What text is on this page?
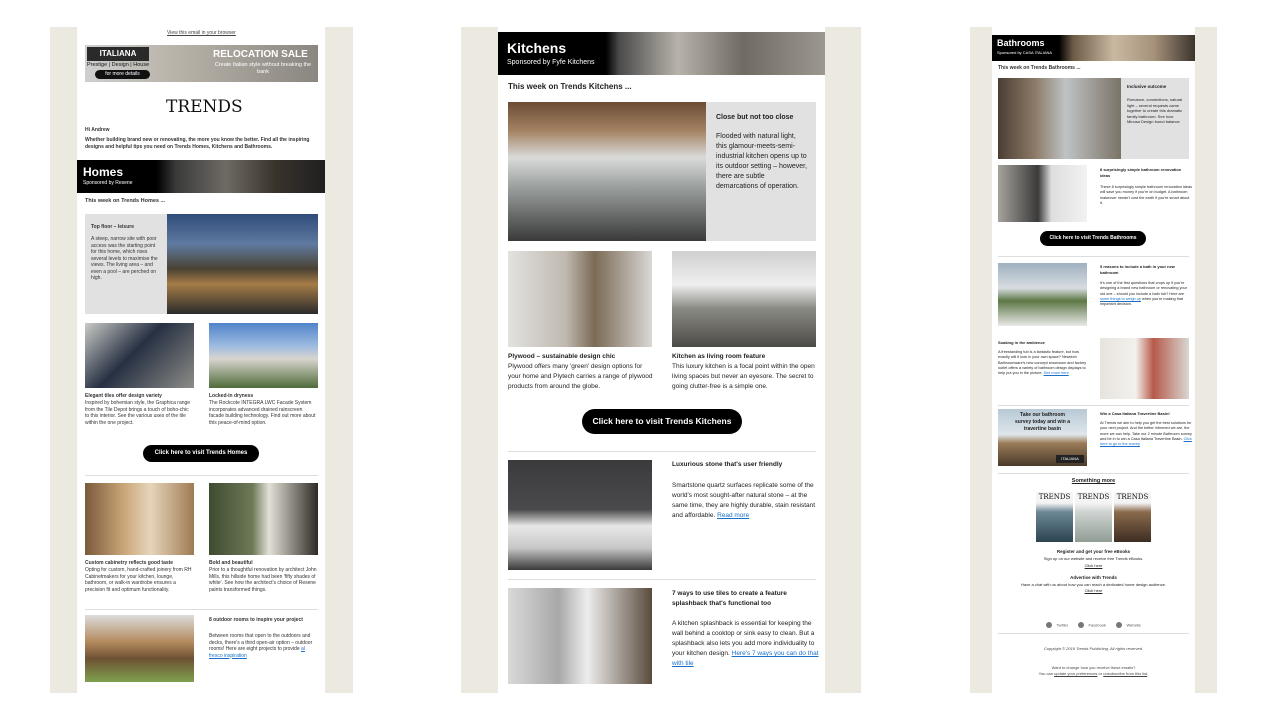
View this email in your browser
ITALIANA
Prestige | Design | House
for more details
RELOCATION SALE
Create Italian style without breaking the bank
TRENDS
Hi Andrew
Whether building brand new or renovating, the more you know the better. Find all the inspiring designs and helpful tips you need on Trends Homes, Kitchens and Bathrooms.
Homes
Sponsored by Resene
This week on Trends Homes ...
Top floor – leisure
A steep, narrow site with poor access was the starting point for this home, which rises several levels to maximise the views. The living area – and even a pool – are perched on high.
Elegant tiles offer design variety
Inspired by bohemian style, the Graphica range from the Tile Depot brings a touch of boho-chic to this interior. See the various uses of the tile within the one project.
Locked-in dryness
The Rockcote INTEGRA LWC Facade System incorporates advanced drained rainscreen facade building technology. Find out more about this peace-of-mind option.
Click here to visit Trends Homes
Custom cabinetry reflects good taste
Opting for custom, hand-crafted joinery from RH Cabinetmakers for your kitchen, lounge, bathroom, or walk-in wardrobe ensures a precision fit and optimum functionality.
Bold and beautiful
Prior to a thoughtful renovation by architect John Mills, this hillside home had been 'fifty shades of white'. See how the architect's choice of Resene paints transformed things.
8 outdoor rooms to inspire your project
Between rooms that open to the outdoors and decks, there's a third open-air option – outdoor rooms! Here are eight projects to provide al fresco inspiration
Kitchens
Sponsored by Fyfe Kitchens
This week on Trends Kitchens ...
Close but not too close
Flooded with natural light, this glamour-meets-semi-industrial kitchen opens up to its outdoor setting – however, there are subtle demarcations of operation.
Plywood – sustainable design chic
Plywood offers many 'green' design options for your home and Plytech carries a range of plywood products from around the globe.
Kitchen as living room feature
This luxury kitchen is a focal point within the open living spaces but never an eyesore. The secret to going clutter-free is a simple one.
Click here to visit Trends Kitchens
Luxurious stone that's user friendly
Smartstone quartz surfaces replicate some of the world's most sought-after natural stone – at the same time, they are highly durable, stain resistant and affordable. Read more
7 ways to use tiles to create a feature splashback that's functional too
A kitchen splashback is essential for keeping the wall behind a cooktop or sink easy to clean. But a splashback also lets you add more individuality to your kitchen design. Here's 7 ways you can do that with tile
Bathrooms
Sponsored by CASA ITALIANA
This week on Trends Bathrooms ...
Inclusive outcome
Romance, connections, natural light – several requests came together to create this dramatic family bathroom. See how Minosa Design found balance
8 surprisingly simple bathroom renovation ideas
These 8 surprisingly simple bathroom renovation ideas will save you money if you're on budget. A bathroom makeover needn't cost the earth if you're smart about it.
Click here to visit Trends Bathrooms
5 reasons to include a bath in your new bathroom
It's one of the first questions that crops up if you're designing a brand new bathroom or renovating your old one – should you include a bath tub? Here are some things to weigh up when you're making that important decision.
Soaking in the ambience
A freestanding tub is a fantastic feature, but how exactly will it look in your own space? Newtech Bathroomware's new concept showroom and factory outlet offers a variety of bathroom design displays to help put you in the picture. See more here
Take our bathroom
survey today and win a
travertine basin
ITALIANA
Win a Casa Italiana Travertine Basin!
At Trends we aim to help you get the best solutions for your next project. And the better informed we are, the more we can help. Take our 2 minute Bathroom survey and be in to win a Casa Italiana Travertine Basin. Click here to go to the survey
Something more
TRENDS	TRENDS	TRENDS
Register and get your free eBooks
Sign up on our website and receive free Trends eBooks.
Click here
Advertise with Trends
Have a chat with us about how you can reach a dedicated home design audience.
Click here
Twitter	Facebook	Website
Copyright © 2016 Trends Publishing, All rights reserved.
Want to change how you receive these emails?
You can update your preferences or unsubscribe from this list.
